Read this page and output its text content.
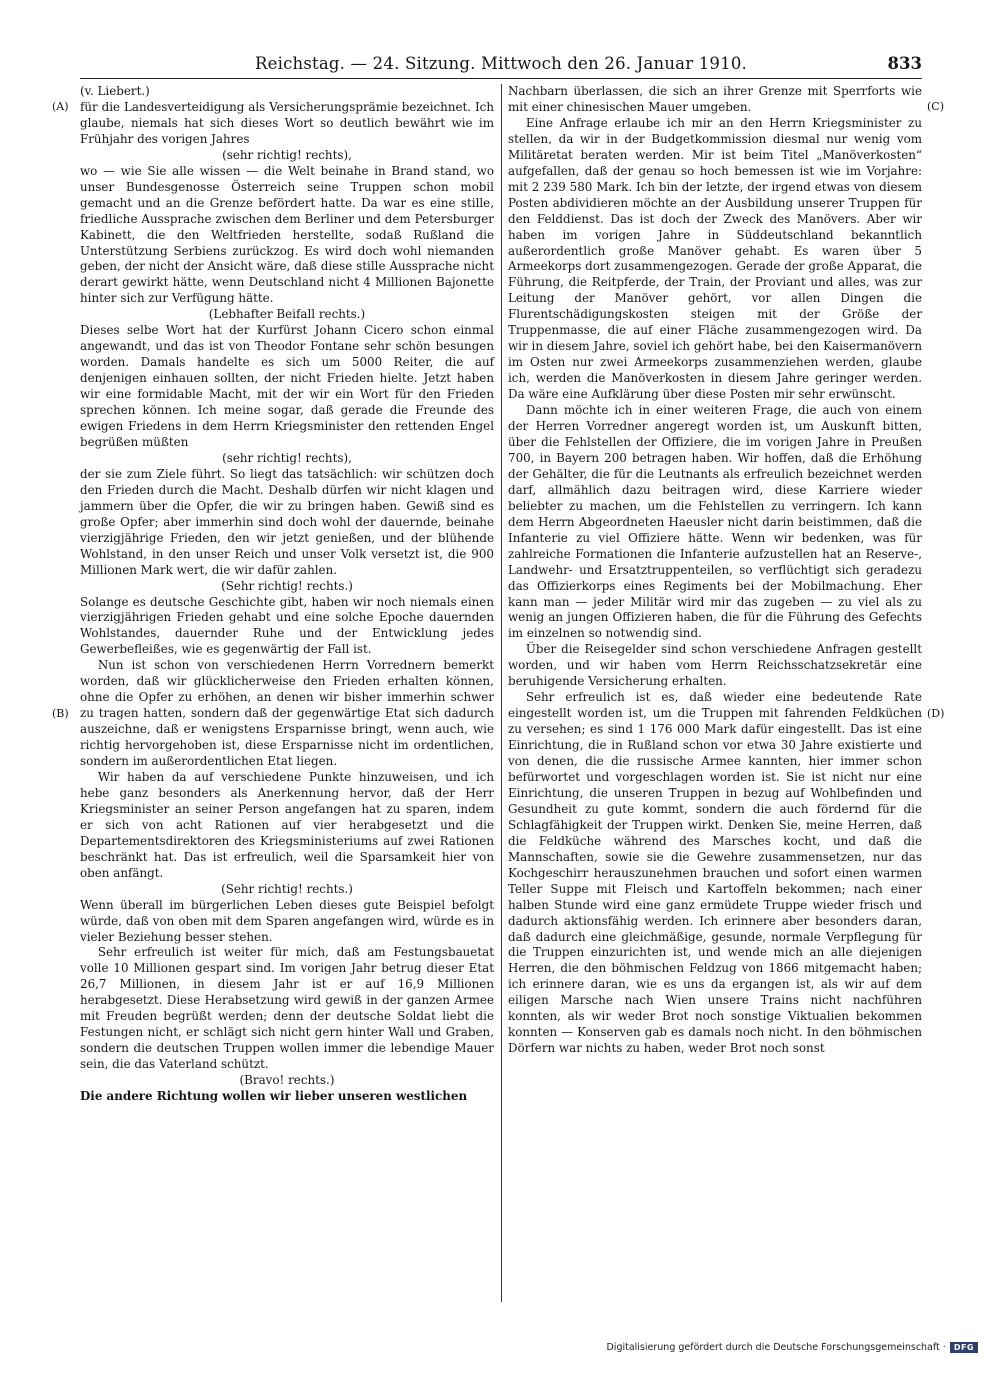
Reichstag. — 24. Sitzung. Mittwoch den 26. Januar 1910.	833
(A)
(B)
(C)
(D)

(v. Liebert.)

für die Landesverteidigung als Versicherungsprämie bezeichnet. Ich glaube, niemals hat sich dieses Wort so deutlich bewährt wie im Frühjahr des vorigen Jahres

(sehr richtig! rechts),

wo — wie Sie alle wissen — die Welt beinahe in Brand stand, wo unser Bundesgenosse Österreich seine Truppen schon mobil gemacht und an die Grenze befördert hatte. Da war es eine stille, friedliche Aussprache zwischen dem Berliner und dem Petersburger Kabinett, die den Weltfrieden herstellte, sodaß Rußland die Unterstützung Serbiens zurückzog. Es wird doch wohl niemanden geben, der nicht der Ansicht wäre, daß diese stille Aussprache nicht derart gewirkt hätte, wenn Deutschland nicht 4 Millionen Bajonette hinter sich zur Verfügung hätte.

(Lebhafter Beifall rechts.)

Dieses selbe Wort hat der Kurfürst Johann Cicero schon einmal angewandt, und das ist von Theodor Fontane sehr schön besungen worden. Damals handelte es sich um 5000 Reiter, die auf denjenigen einhauen sollten, der nicht Frieden hielte. Jetzt haben wir eine formidable Macht, mit der wir ein Wort für den Frieden sprechen können. Ich meine sogar, daß gerade die Freunde des ewigen Friedens in dem Herrn Kriegsminister den rettenden Engel begrüßen müßten

(sehr richtig! rechts),

der sie zum Ziele führt. So liegt das tatsächlich: wir schützen doch den Frieden durch die Macht. Deshalb dürfen wir nicht klagen und jammern über die Opfer, die wir zu bringen haben. Gewiß sind es große Opfer; aber immerhin sind doch wohl der dauernde, beinahe vierzigjährige Frieden, den wir jetzt genießen, und der blühende Wohlstand, in den unser Reich und unser Volk versetzt ist, die 900 Millionen Mark wert, die wir dafür zahlen.

(Sehr richtig! rechts.)

Solange es deutsche Geschichte gibt, haben wir noch niemals einen vierzigjährigen Frieden gehabt und eine solche Epoche dauernden Wohlstandes, dauernder Ruhe und der Entwicklung jedes Gewerbefleißes, wie es gegenwärtig der Fall ist.

Nun ist schon von verschiedenen Herrn Vorrednern bemerkt worden, daß wir glücklicherweise den Frieden erhalten können, ohne die Opfer zu erhöhen, an denen wir bisher immerhin schwer zu tragen hatten, sondern daß der gegenwärtige Etat sich dadurch auszeichne, daß er wenigstens Ersparnisse bringt, wenn auch, wie richtig hervorgehoben ist, diese Ersparnisse nicht im ordentlichen, sondern im außerordentlichen Etat liegen.

Wir haben da auf verschiedene Punkte hinzuweisen, und ich hebe ganz besonders als Anerkennung hervor, daß der Herr Kriegsminister an seiner Person angefangen hat zu sparen, indem er sich von acht Rationen auf vier herabgesetzt und die Departementsdirektoren des Kriegsministeriums auf zwei Rationen beschränkt hat. Das ist erfreulich, weil die Sparsamkeit hier von oben anfängt.

(Sehr richtig! rechts.)

Wenn überall im bürgerlichen Leben dieses gute Beispiel befolgt würde, daß von oben mit dem Sparen angefangen wird, würde es in vieler Beziehung besser stehen.

Sehr erfreulich ist weiter für mich, daß am Festungsbauetat volle 10 Millionen gespart sind. Im vorigen Jahr betrug dieser Etat 26,7 Millionen, in diesem Jahr ist er auf 16,9 Millionen herabgesetzt. Diese Herabsetzung wird gewiß in der ganzen Armee mit Freuden begrüßt werden; denn der deutsche Soldat liebt die Festungen nicht, er schlägt sich nicht gern hinter Wall und Graben, sondern die deutschen Truppen wollen immer die lebendige Mauer sein, die das Vaterland schützt.

(Bravo! rechts.)

Die andere Richtung wollen wir lieber unseren westlichen

Nachbarn überlassen, die sich an ihrer Grenze mit Sperrforts wie mit einer chinesischen Mauer umgeben.

Eine Anfrage erlaube ich mir an den Herrn Kriegsminister zu stellen, da wir in der Budgetkommission diesmal nur wenig vom Militäretat beraten werden. Mir ist beim Titel „Manöverkosten“ aufgefallen, daß der genau so hoch bemessen ist wie im Vorjahre: mit 2 239 580 Mark. Ich bin der letzte, der irgend etwas von diesem Posten abdividieren möchte an der Ausbildung unserer Truppen für den Felddienst. Das ist doch der Zweck des Manövers. Aber wir haben im vorigen Jahre in Süddeutschland bekanntlich außerordentlich große Manöver gehabt. Es waren über 5 Armeekorps dort zusammengezogen. Gerade der große Apparat, die Führung, die Reitpferde, der Train, der Proviant und alles, was zur Leitung der Manöver gehört, vor allen Dingen die Flurentschädigungskosten steigen mit der Größe der Truppenmasse, die auf einer Fläche zusammengezogen wird. Da wir in diesem Jahre, soviel ich gehört habe, bei den Kaisermanövern im Osten nur zwei Armeekorps zusammenziehen werden, glaube ich, werden die Manöverkosten in diesem Jahre geringer werden. Da wäre eine Aufklärung über diese Posten mir sehr erwünscht.

Dann möchte ich in einer weiteren Frage, die auch von einem der Herren Vorredner angeregt worden ist, um Auskunft bitten, über die Fehlstellen der Offiziere, die im vorigen Jahre in Preußen 700, in Bayern 200 betragen haben. Wir hoffen, daß die Erhöhung der Gehälter, die für die Leutnants als erfreulich bezeichnet werden darf, allmählich dazu beitragen wird, diese Karriere wieder beliebter zu machen, um die Fehlstellen zu verringern. Ich kann dem Herrn Abgeordneten Haeusler nicht darin beistimmen, daß die Infanterie zu viel Offiziere hätte. Wenn wir bedenken, was für zahlreiche Formationen die Infanterie aufzustellen hat an Reserve-, Landwehr- und Ersatztruppenteilen, so verflüchtigt sich geradezu das Offizierkorps eines Regiments bei der Mobilmachung. Eher kann man — jeder Militär wird mir das zugeben — zu viel als zu wenig an jungen Offizieren haben, die für die Führung des Gefechts im einzelnen so notwendig sind.

Über die Reisegelder sind schon verschiedene Anfragen gestellt worden, und wir haben vom Herrn Reichsschatzsekretär eine beruhigende Versicherung erhalten.

Sehr erfreulich ist es, daß wieder eine bedeutende Rate eingestellt worden ist, um die Truppen mit fahrenden Feldküchen zu versehen; es sind 1 176 000 Mark dafür eingestellt. Das ist eine Einrichtung, die in Rußland schon vor etwa 30 Jahre existierte und von denen, die die russische Armee kannten, hier immer schon befürwortet und vorgeschlagen worden ist. Sie ist nicht nur eine Einrichtung, die unseren Truppen in bezug auf Wohlbefinden und Gesundheit zu gute kommt, sondern die auch fördernd für die Schlagfähigkeit der Truppen wirkt. Denken Sie, meine Herren, daß die Feldküche während des Marsches kocht, und daß die Mannschaften, sowie sie die Gewehre zusammensetzen, nur das Kochgeschirr herauszunehmen brauchen und sofort einen warmen Teller Suppe mit Fleisch und Kartoffeln bekommen; nach einer halben Stunde wird eine ganz ermüdete Truppe wieder frisch und dadurch aktionsfähig werden. Ich erinnere aber besonders daran, daß dadurch eine gleichmäßige, gesunde, normale Verpflegung für die Truppen einzurichten ist, und wende mich an alle diejenigen Herren, die den böhmischen Feldzug von 1866 mitgemacht haben; ich erinnere daran, wie es uns da ergangen ist, als wir auf dem eiligen Marsche nach Wien unsere Trains nicht nachführen konnten, als wir weder Brot noch sonstige Viktualien bekommen konnten — Konserven gab es damals noch nicht. In den böhmischen Dörfern war nichts zu haben, weder Brot noch sonst

Digitalisierung gefördert durch die Deutsche Forschungsgemeinschaft ·	DFG
